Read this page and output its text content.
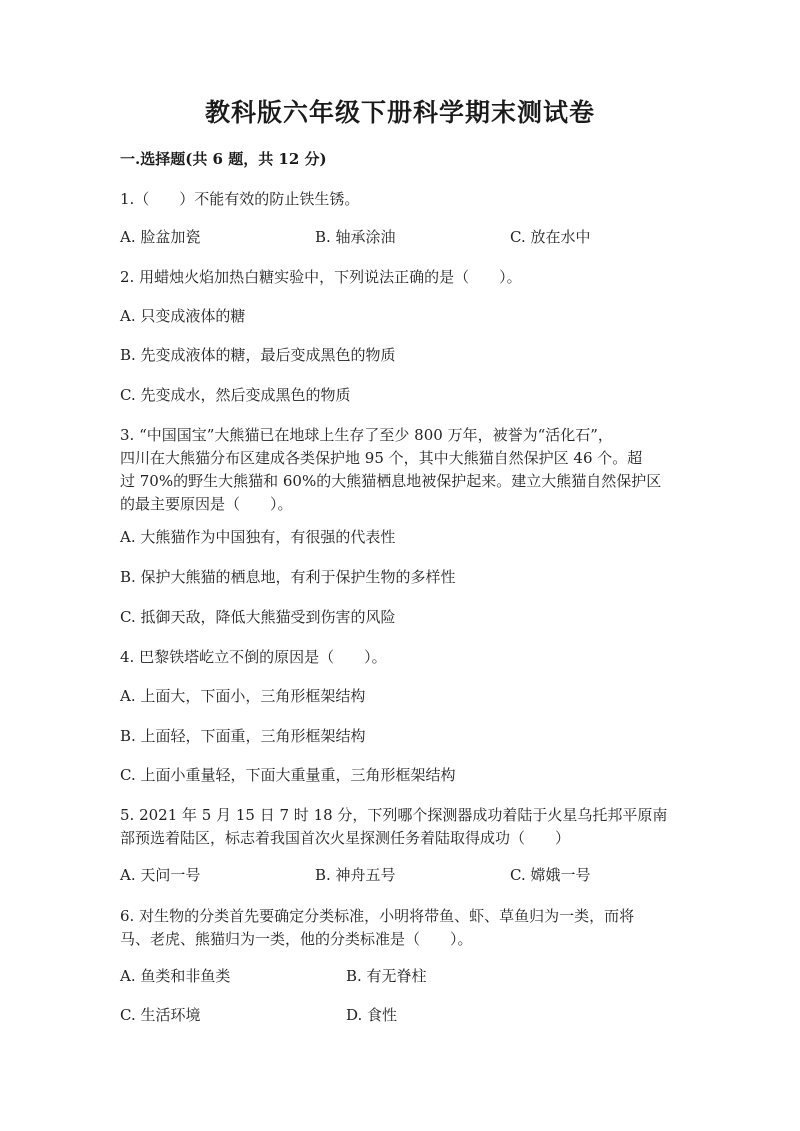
教科版六年级下册科学期末测试卷
一.选择题(共 6 题，共 12 分)
1.（　　）不能有效的防止铁生锈。
A. 脸盆加瓷	B. 轴承涂油	C. 放在水中
2. 用蜡烛火焰加热白糖实验中，下列说法正确的是（　　）。
A. 只变成液体的糖
B. 先变成液体的糖，最后变成黑色的物质
C. 先变成水，然后变成黑色的物质
3. “中国国宝”大熊猫已在地球上生存了至少 800 万年，被誉为“活化石”，
四川在大熊猫分布区建成各类保护地 95 个，其中大熊猫自然保护区 46 个。超
过 70%的野生大熊猫和 60%的大熊猫栖息地被保护起来。建立大熊猫自然保护区
的最主要原因是（　　）。
A. 大熊猫作为中国独有，有很强的代表性
B. 保护大熊猫的栖息地，有利于保护生物的多样性
C. 抵御天敌，降低大熊猫受到伤害的风险
4. 巴黎铁塔屹立不倒的原因是（　　）。
A. 上面大，下面小，三角形框架结构
B. 上面轻，下面重，三角形框架结构
C. 上面小重量轻，下面大重量重，三角形框架结构
5. 2021 年 5 月 15 日 7 时 18 分，下列哪个探测器成功着陆于火星乌托邦平原南
部预选着陆区，标志着我国首次火星探测任务着陆取得成功（　　）
A. 天问一号	B. 神舟五号	C. 嫦娥一号
6. 对生物的分类首先要确定分类标准，小明将带鱼、虾、草鱼归为一类，而将
马、老虎、熊猫归为一类，他的分类标准是（　　）。
A. 鱼类和非鱼类	B. 有无脊柱
C. 生活环境	D. 食性
